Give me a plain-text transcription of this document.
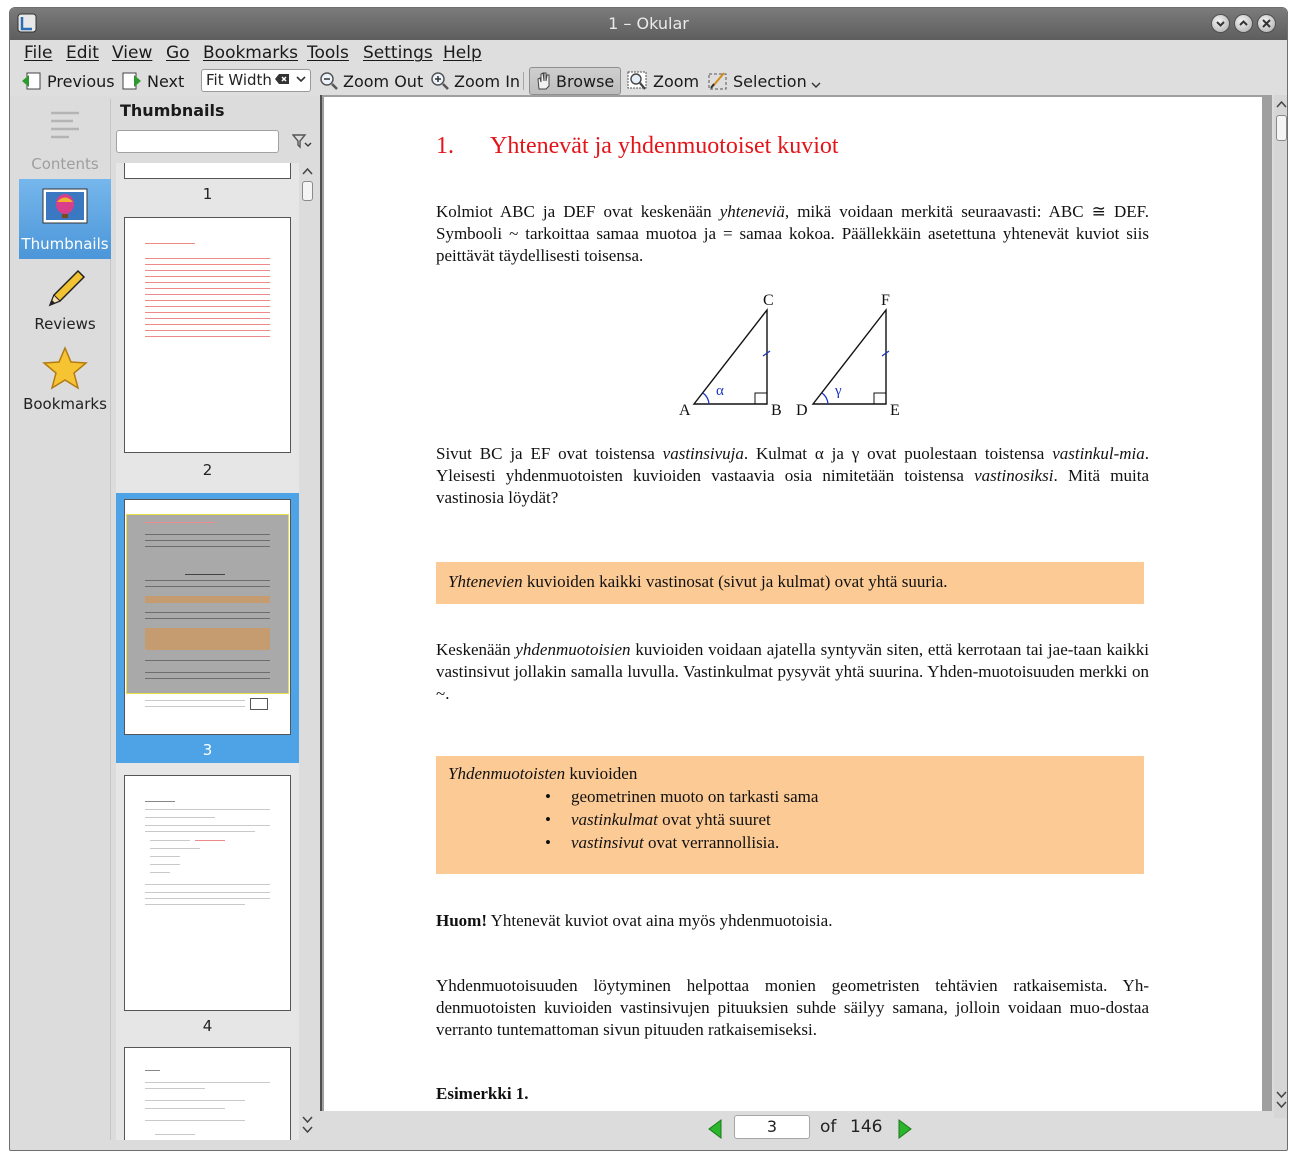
1 – Okular
File Edit View Go Bookmarks Tools Settings Help
Previous Next	Fit Width	Zoom Out Zoom In Browse Zoom Selection
Contents
Thumbnails
Reviews
Bookmarks
Thumbnails
1
2
3
4
1. Yhtenevät ja yhdenmuotoiset kuviot
Kolmiot ABC ja DEF ovat keskenään yhteneviä, mikä voidaan merkitä seuraavasti: ABC ≅ DEF. Symbooli ~ tarkoittaa samaa muotoa ja = samaa kokoa. Päällekkäin asetettuna yhtenevät kuviot siis peittävät täydellisesti toisensa.
α
C
A	B
γ
F
D	E
Sivut BC ja EF ovat toistensa vastinsivuja. Kulmat α ja γ ovat puolestaan toistensa vastinkul-mia. Yleisesti yhdenmuotoisten kuvioiden vastaavia osia nimitetään toistensa vastinosiksi. Mitä muita vastinosia löydät?
Yhtenevien kuvioiden kaikki vastinosat (sivut ja kulmat) ovat yhtä suuria.
Keskenään yhdenmuotoisien kuvioiden voidaan ajatella syntyvän siten, että kerrotaan tai jae-taan kaikki vastinsivut jollakin samalla luvulla. Vastinkulmat pysyvät yhtä suurina. Yhden-muotoisuuden merkki on ~.
Yhdenmuotoisten kuvioiden
• geometrinen muoto on tarkasti sama
• vastinkulmat ovat yhtä suuret
• vastinsivut ovat verrannollisia.
Huom! Yhtenevät kuviot ovat aina myös yhdenmuotoisia.
Yhdenmuotoisuuden löytyminen helpottaa monien geometristen tehtävien ratkaisemista. Yh-denmuotoisten kuvioiden vastinsivujen pituuksien suhde säilyy samana, jolloin voidaan muo-dostaa verranto tuntemattoman sivun pituuden ratkaisemiseksi.
Esimerkki 1.
3	of 146
